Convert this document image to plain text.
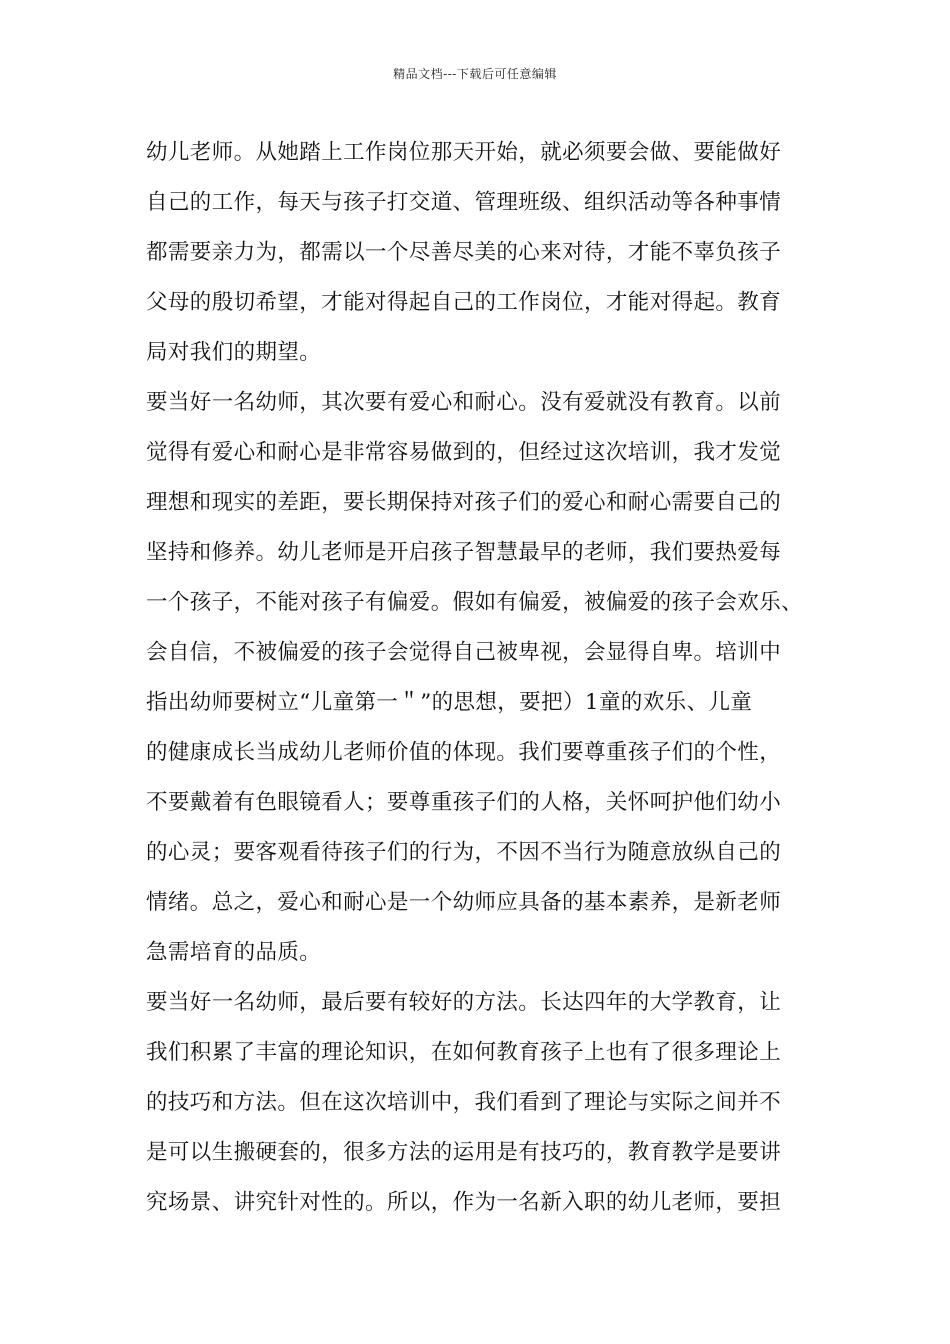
精品文档---下载后可任意编辑
幼儿老师。从她踏上工作岗位那天开始，就必须要会做、要能做好
自己的工作，每天与孩子打交道、管理班级、组织活动等各种事情
都需要亲力为，都需以一个尽善尽美的心来对待，才能不辜负孩子
父母的殷切希望，才能对得起自己的工作岗位，才能对得起。教育
局对我们的期望。
要当好一名幼师，其次要有爱心和耐心。没有爱就没有教育。以前
觉得有爱心和耐心是非常容易做到的，但经过这次培训，我才发觉
理想和现实的差距，要长期保持对孩子们的爱心和耐心需要自己的
坚持和修养。幼儿老师是开启孩子智慧最早的老师，我们要热爱每
一个孩子，不能对孩子有偏爱。假如有偏爱，被偏爱的孩子会欢乐、
会自信，不被偏爱的孩子会觉得自己被卑视，会显得自卑。培训中
指出幼师要树立“儿童第一＂”的思想，要把）1童的欢乐、儿童
的健康成长当成幼儿老师价值的体现。我们要尊重孩子们的个性，
不要戴着有色眼镜看人；要尊重孩子们的人格，关怀呵护他们幼小
的心灵；要客观看待孩子们的行为，不因不当行为随意放纵自己的
情绪。总之，爱心和耐心是一个幼师应具备的基本素养，是新老师
急需培育的品质。
要当好一名幼师，最后要有较好的方法。长达四年的大学教育，让
我们积累了丰富的理论知识，在如何教育孩子上也有了很多理论上
的技巧和方法。但在这次培训中，我们看到了理论与实际之间并不
是可以生搬硬套的，很多方法的运用是有技巧的，教育教学是要讲
究场景、讲究针对性的。所以，作为一名新入职的幼儿老师，要担
